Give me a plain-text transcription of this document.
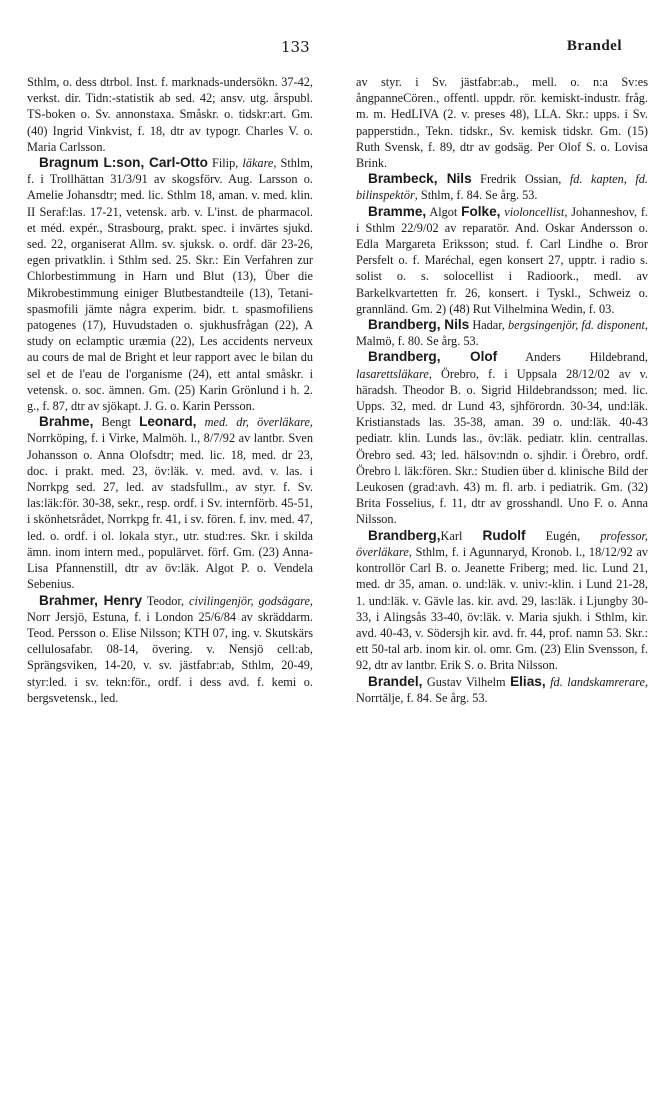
133	Brandel

Sthlm, o. dess dtrbol. Inst. f. marknads-undersökn. 37-42, verkst. dir. Tidn:-statistik ab sed. 42; ansv. utg. årspubl. TS-boken o. Sv. annonstaxa. Småskr. o. tidskr:art. Gm. (40) Ingrid Vinkvist, f. 18, dtr av typogr. Charles V. o. Maria Carlsson.

Bragnum L:son, Carl-Otto Filip, läkare, Sthlm, f. i Trollhättan 31/3/91 av skogsförv. Aug. Larsson o. Amelie Johansdtr; med. lic. Sthlm 18, aman. v. med. klin. II Seraf:las. 17-21, vetensk. arb. v. L'inst. de pharmacol. et méd. expér., Strasbourg, prakt. spec. i invärtes sjukd. sed. 22, organiserat Allm. sv. sjuksk. o. ordf. där 23-26, egen privatklin. i Sthlm sed. 25. Skr.: Ein Verfahren zur Chlorbestimmung in Harn und Blut (13), Über die Mikrobestimmung einiger Blutbestandteile (13), Tetani-spasmofili jämte några experim. bidr. t. spasmofiliens patogenes (17), Huvudstaden o. sjukhusfrågan (22), A study on eclamptic uræmia (22), Les accidents nerveux au cours de mal de Bright et leur rapport avec le bilan du sel et de l'eau de l'organisme (24), ett antal småskr. i vetensk. o. soc. ämnen. Gm. (25) Karin Grönlund i h. 2. g., f. 87, dtr av sjökapt. J. G. o. Karin Persson.

Brahme, Bengt Leonard, med. dr, överläkare, Norrköping, f. i Virke, Malmöh. l., 8/7/92 av lantbr. Sven Johansson o. Anna Olofsdtr; med. lic. 18, med. dr 23, doc. i prakt. med. 23, öv:läk. v. med. avd. v. las. i Norrkpg sed. 27, led. av stadsfullm., av styr. f. Sv. las:läk:för. 30-38, sekr., resp. ordf. i Sv. internförb. 45-51, i skönhetsrådet, Norrkpg fr. 41, i sv. fören. f. inv. med. 47, led. o. ordf. i ol. lokala styr., utr. stud:res. Skr. i skilda ämn. inom intern med., populärvet. förf. Gm. (23) Anna-Lisa Pfannenstill, dtr av öv:läk. Algot P. o. Vendela Sebenius.

Brahmer, Henry Teodor, civilingenjör, godsägare, Norr Jersjö, Estuna, f. i London 25/6/84 av skräddarm. Teod. Persson o. Elise Nilsson; KTH 07, ing. v. Skutskärs cellulosafabr. 08-14, övering. v. Nensjö cell:ab, Sprängsviken, 14-20, v. sv. jästfabr:ab, Sthlm, 20-49, styr:led. i sv. tekn:för., ordf. i dess avd. f. kemi o. bergsvetensk., led.

av styr. i Sv. jästfabr:ab., mell. o. n:a Sv:es ångpanneCören., offentl. uppdr. rör. kemiskt-industr. fråg. m. m. HedLIVA (2. v. preses 48), LLA. Skr.: upps. i Sv. papperstidn., Tekn. tidskr., Sv. kemisk tidskr. Gm. (15) Ruth Svensk, f. 89, dtr av godsäg. Per Olof S. o. Lovisa Brink.

Brambeck, Nils Fredrik Ossian, fd. kapten, fd. bilinspektör, Sthlm, f. 84. Se årg. 53.

Bramme, Algot Folke, violoncellist, Johanneshov, f. i Sthlm 22/9/02 av reparatör. And. Oskar Andersson o. Edla Margareta Eriksson; stud. f. Carl Lindhe o. Bror Persfelt o. f. Maréchal, egen konsert 27, upptr. i radio s. solist o. s. solocellist i Radioork., medl. av Barkelkvartetten fr. 26, konsert. i Tyskl., Schweiz o. grannländ. Gm. 2) (48) Rut Vilhelmina Wedin, f. 03.

Brandberg, Nils Hadar, bergsingenjör, fd. disponent, Malmö, f. 80. Se årg. 53.

Brandberg, Olof Anders Hildebrand, lasarettsläkare, Örebro, f. i Uppsala 28/12/02 av v. häradsh. Theodor B. o. Sigrid Hildebrandsson; med. lic. Upps. 32, med. dr Lund 43, sjhförordn. 30-34, und:läk. Kristianstads las. 35-38, aman. 39 o. und:läk. 40-43 pediatr. klin. Lunds las., öv:läk. pediatr. klin. centrallas. Örebro sed. 43; led. hälsov:ndn o. sjhdir. i Örebro, ordf. Örebro l. läk:fören. Skr.: Studien über d. klinische Bild der Leukosen (grad:avh. 43) m. fl. arb. i pediatrik. Gm. (32) Brita Fosselius, f. 11, dtr av grosshandl. Uno F. o. Anna Nilsson.

Brandberg,Karl Rudolf Eugén, professor, överläkare, Sthlm, f. i Agunnaryd, Kronob. l., 18/12/92 av kontrollör Carl B. o. Jeanette Friberg; med. lic. Lund 21, med. dr 35, aman. o. und:läk. v. univ:-klin. i Lund 21-28, 1. und:läk. v. Gävle las. kir. avd. 29, las:läk. i Ljungby 30-33, i Alingsås 33-40, öv:läk. v. Maria sjukh. i Sthlm, kir. avd. 40-43, v. Södersjh kir. avd. fr. 44, prof. namn 53. Skr.: ett 50-tal arb. inom kir. ol. omr. Gm. (23) Elin Svensson, f. 92, dtr av lantbr. Erik S. o. Brita Nilsson.

Brandel, Gustav Vilhelm Elias, fd. landskamrerare, Norrtälje, f. 84. Se årg. 53.
